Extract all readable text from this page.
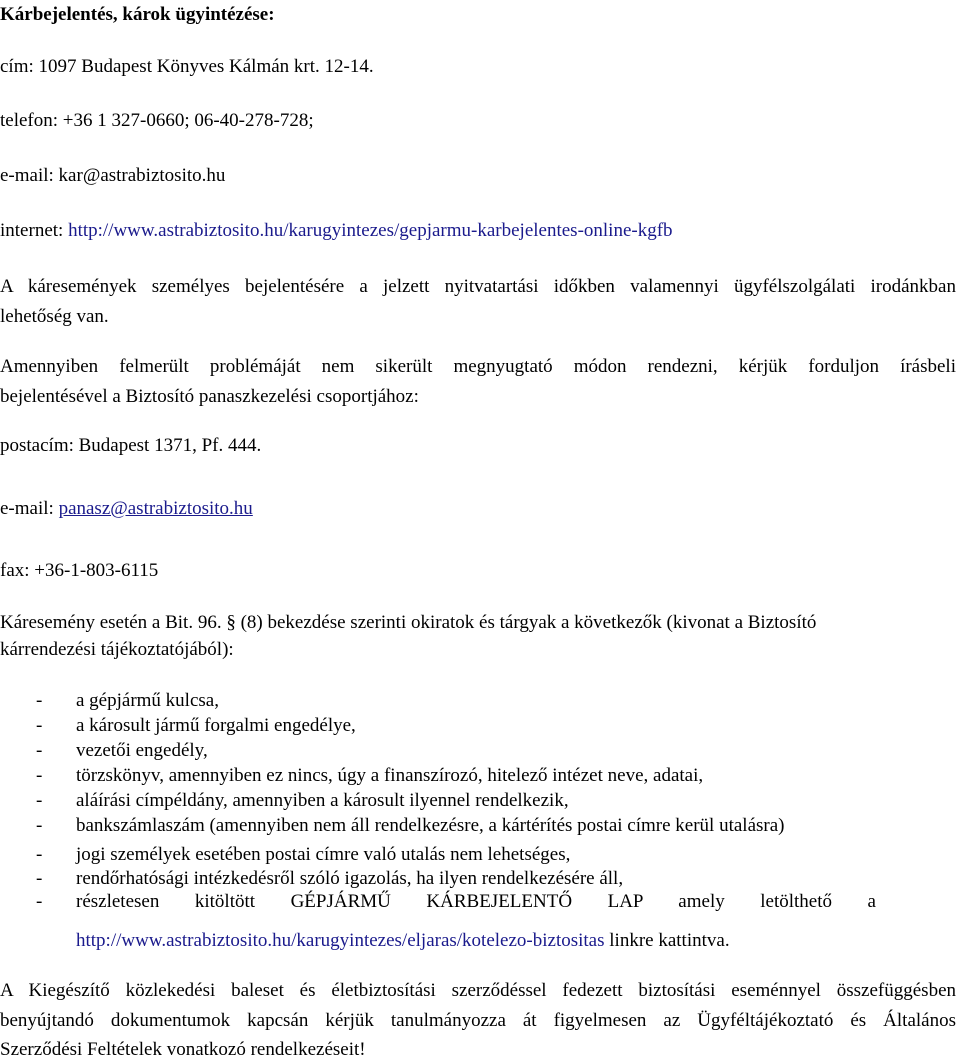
Kárbejelentés, károk ügyintézése:
cím: 1097 Budapest Könyves Kálmán krt. 12-14.
telefon: +36 1 327-0660; 06-40-278-728;
e-mail: kar@astrabiztosito.hu
internet: http://www.astrabiztosito.hu/karugyintezes/gepjarmu-karbejelentes-online-kgfb
A káresemények személyes bejelentésére a jelzett nyitvatartási időkben valamennyi ügyfélszolgálati irodánkban
lehetőség van.
Amennyiben felmerült problémáját nem sikerült megnyugtató módon rendezni, kérjük forduljon írásbeli
bejelentésével a Biztosító panaszkezelési csoportjához:
postacím: Budapest 1371, Pf. 444.
e-mail: panasz@astrabiztosito.hu
fax: +36-1-803-6115
Káresemény esetén a Bit. 96. § (8) bekezdése szerinti okiratok és tárgyak a következők (kivonat a Biztosító
kárrendezési tájékoztatójából):
- a gépjármű kulcsa,
- a károsult jármű forgalmi engedélye,
- vezetői engedély,
- törzskönyv, amennyiben ez nincs, úgy a finanszírozó, hitelező intézet neve, adatai,
- aláírási címpéldány, amennyiben a károsult ilyennel rendelkezik,
- bankszámlaszám (amennyiben nem áll rendelkezésre, a kártérítés postai címre kerül utalásra)
- jogi személyek esetében postai címre való utalás nem lehetséges,
- rendőrhatósági intézkedésről szóló igazolás, ha ilyen rendelkezésére áll,
- részletesen kitöltött GÉPJÁRMŰ KÁRBEJELENTŐ LAP amely letölthető a
http://www.astrabiztosito.hu/karugyintezes/eljaras/kotelezo-biztositas linkre kattintva.
A Kiegészítő közlekedési baleset és életbiztosítási szerződéssel fedezett biztosítási eseménnyel összefüggésben
benyújtandó dokumentumok kapcsán kérjük tanulmányozza át figyelmesen az Ügyféltájékoztató és Általános
Szerződési Feltételek vonatkozó rendelkezéseit!
